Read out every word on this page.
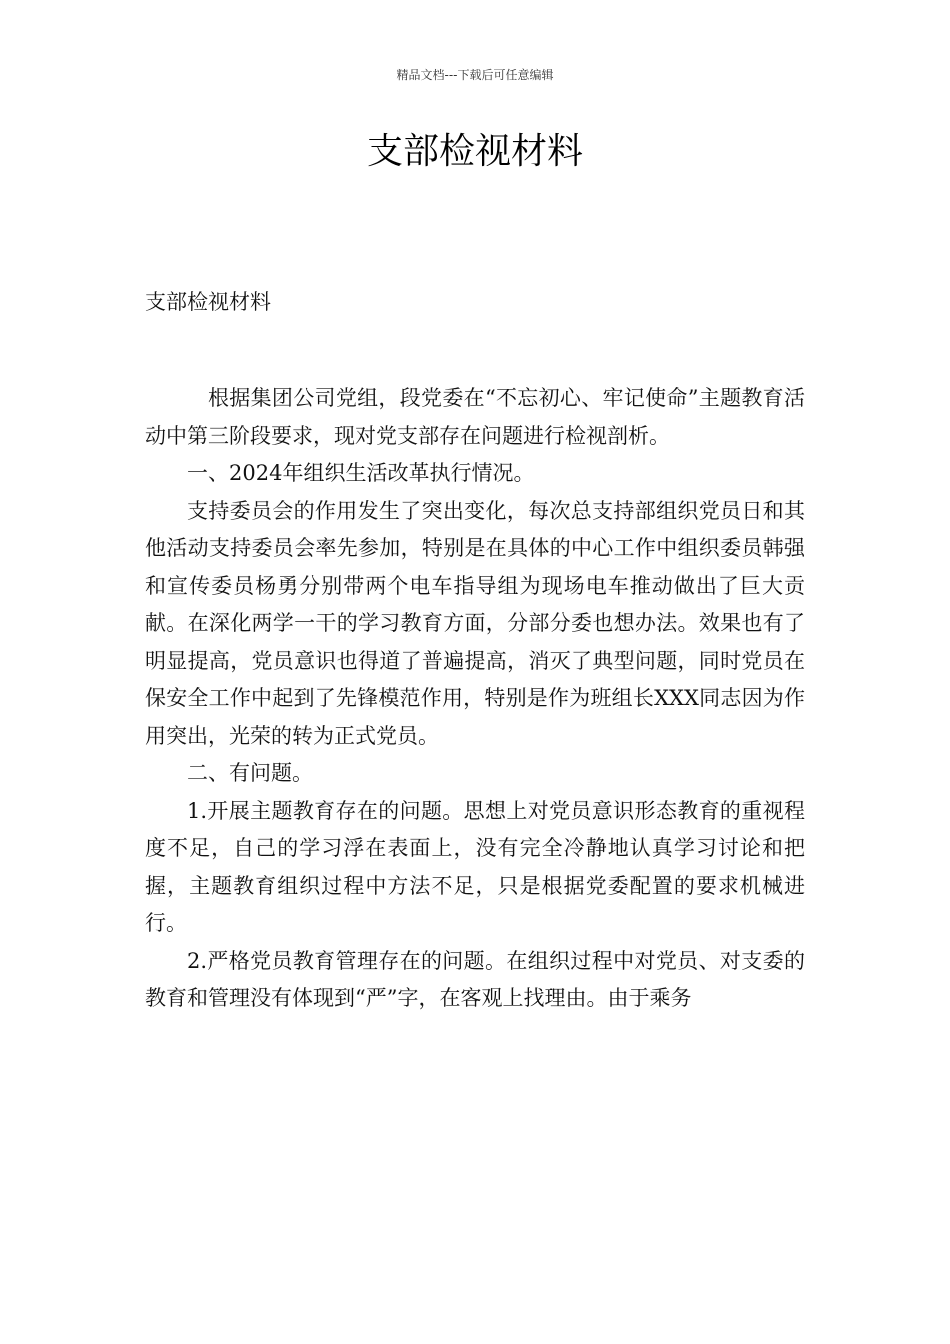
精品文档---下载后可任意编辑
支部检视材料

支部检视材料

根据集团公司党组，段党委在“不忘初心、牢记使命”主题教育活动中第三阶段要求，现对党支部存在问题进行检视剖析。

一、2024年组织生活改革执行情况。

支持委员会的作用发生了突出变化，每次总支持部组织党员日和其他活动支持委员会率先参加，特别是在具体的中心工作中组织委员韩强和宣传委员杨勇分别带两个电车指导组为现场电车推动做出了巨大贡献。在深化两学一干的学习教育方面，分部分委也想办法。效果也有了明显提高，党员意识也得道了普遍提高，消灭了典型问题，同时党员在保安全工作中起到了先锋模范作用，特别是作为班组长XXX同志因为作用突出，光荣的转为正式党员。

二、有问题。

1.开展主题教育存在的问题。思想上对党员意识形态教育的重视程度不足，自己的学习浮在表面上，没有完全冷静地认真学习讨论和把握，主题教育组织过程中方法不足，只是根据党委配置的要求机械进行。

2.严格党员教育管理存在的问题。在组织过程中对党员、对支委的教育和管理没有体现到“严”字，在客观上找理由。由于乘务
